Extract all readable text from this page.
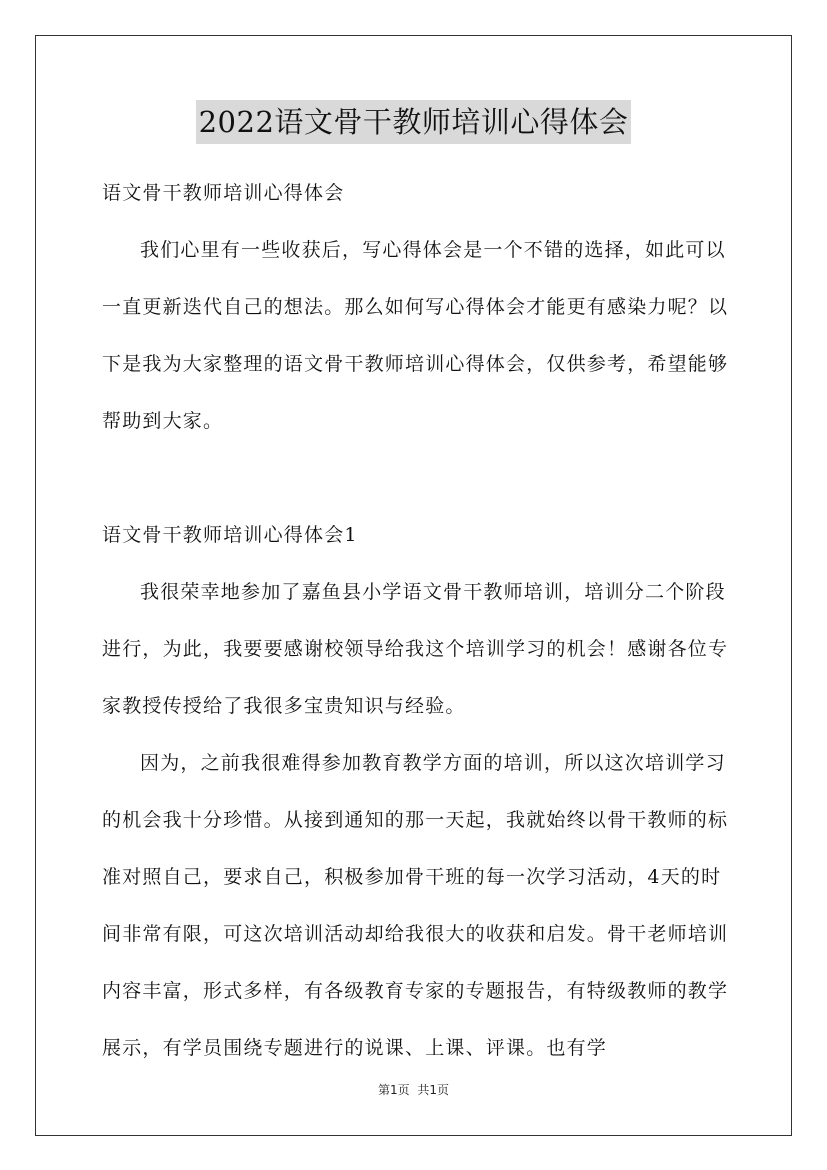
2022语文骨干教师培训心得体会

语文骨干教师培训心得体会

我们心里有一些收获后，写心得体会是一个不错的选择，如此可以一直更新迭代自己的想法。那么如何写心得体会才能更有感染力呢？以下是我为大家整理的语文骨干教师培训心得体会，仅供参考，希望能够帮助到大家。

语文骨干教师培训心得体会1

我很荣幸地参加了嘉鱼县小学语文骨干教师培训，培训分二个阶段进行，为此，我要要感谢校领导给我这个培训学习的机会！感谢各位专家教授传授给了我很多宝贵知识与经验。

因为，之前我很难得参加教育教学方面的培训，所以这次培训学习的机会我十分珍惜。从接到通知的那一天起，我就始终以骨干教师的标准对照自己，要求自己，积极参加骨干班的每一次学习活动，4天的时间非常有限，可这次培训活动却给我很大的收获和启发。骨干老师培训内容丰富，形式多样，有各级教育专家的专题报告，有特级教师的教学展示，有学员围绕专题进行的说课、上课、评课。也有学

第1页 共1页
